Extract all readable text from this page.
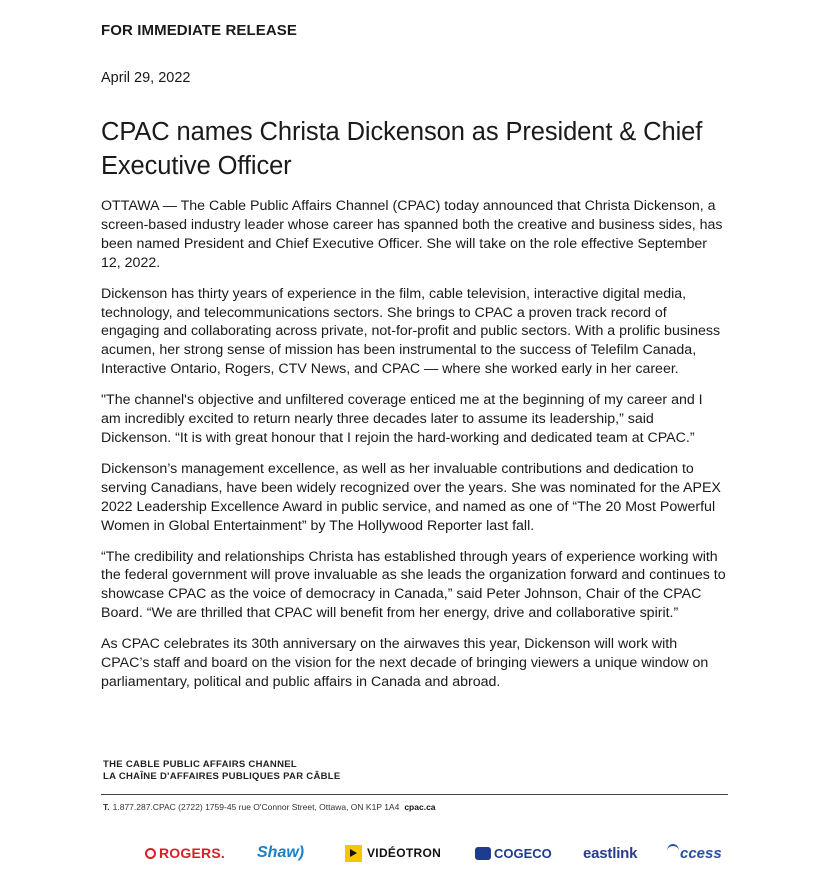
FOR IMMEDIATE RELEASE
April 29, 2022
CPAC names Christa Dickenson as President & Chief Executive Officer

OTTAWA — The Cable Public Affairs Channel (CPAC) today announced that Christa Dickenson, a screen-based industry leader whose career has spanned both the creative and business sides, has been named President and Chief Executive Officer. She will take on the role effective September 12, 2022.

Dickenson has thirty years of experience in the film, cable television, interactive digital media, technology, and telecommunications sectors. She brings to CPAC a proven track record of engaging and collaborating across private, not-for-profit and public sectors. With a prolific business acumen, her strong sense of mission has been instrumental to the success of Telefilm Canada, Interactive Ontario, Rogers, CTV News, and CPAC — where she worked early in her career.

"The channel's objective and unfiltered coverage enticed me at the beginning of my career and I am incredibly excited to return nearly three decades later to assume its leadership,” said Dickenson. “It is with great honour that I rejoin the hard-working and dedicated team at CPAC.”

Dickenson’s management excellence, as well as her invaluable contributions and dedication to serving Canadians, have been widely recognized over the years. She was nominated for the APEX 2022 Leadership Excellence Award in public service, and named as one of “The 20 Most Powerful Women in Global Entertainment” by The Hollywood Reporter last fall.

“The credibility and relationships Christa has established through years of experience working with the federal government will prove invaluable as she leads the organization forward and continues to showcase CPAC as the voice of democracy in Canada,” said Peter Johnson, Chair of the CPAC Board. “We are thrilled that CPAC will benefit from her energy, drive and collaborative spirit.”

As CPAC celebrates its 30th anniversary on the airwaves this year, Dickenson will work with CPAC’s staff and board on the vision for the next decade of bringing viewers a unique window on parliamentary, political and public affairs in Canada and abroad.

THE CABLE PUBLIC AFFAIRS CHANNEL
LA CHAÎNE D'AFFAIRES PUBLIQUES PAR CÂBLE
T. 1.877.287.CPAC (2722) 1759-45 rue O'Connor Street, Ottawa, ON K1P 1A4 cpac.ca
ROGERS. Shaw)	VIDÉOTRON	COGECO eastlink	ccess
